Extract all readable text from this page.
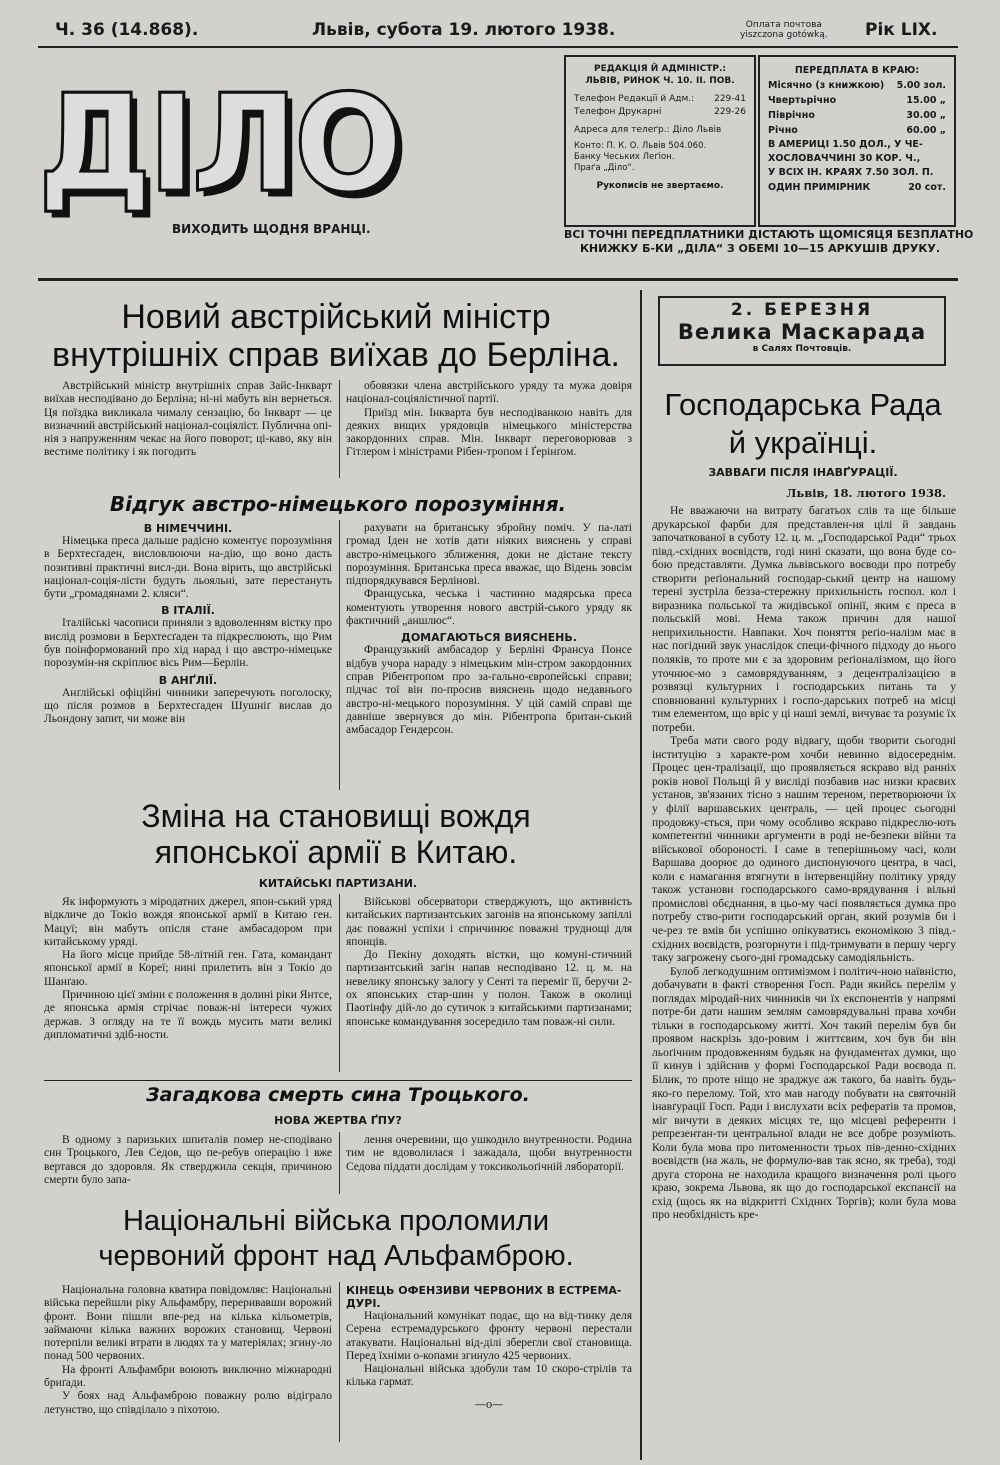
Ч. 36 (14.868).	Львів, субота 19. лютого 1938.	Оплата почтова
уiszczona gotówką. Рік LIX.
ДІЛО
ВИХОДИТЬ ЩОДНЯ ВРАНЦІ.
РЕДАКЦІЯ Й АДМІНІСТР.:
ЛЬВІВ, РИНОК Ч. 10. II. ПОВ.
Телефон Редакції й Адм.: 229-41
Телефон Друкарні	229-26
Адреса для телеґр.: Діло Львів
Конто: П. К. О. Львів 504.060.
Банку Чеських Леґіон.
Праґа „Діло“.
Рукописів не звертаємо.
ПЕРЕДПЛАТА В КРАЮ:
Місячно (з книжкою) 5.00 зол.
Чвертьрічно	15.00 „
Піврічно	30.00 „
Річно	60.00 „
В АМЕРИЦІ 1.50 ДОЛ., У ЧЕ-
ХОСЛОВАЧЧИНІ 30 КОР. Ч.,
У ВСІХ ІН. КРАЯХ 7.50 ЗОЛ. П.
ОДИН ПРИМІРНИК	20 сот.
ВСІ ТОЧНІ ПЕРЕДПЛАТНИКИ ДІСТАЮТЬ ЩОМІСЯЦЯ БЕЗПЛАТНО
КНИЖКУ Б-КИ „ДІЛА“ З ОБЕМІ 10—15 АРКУШІВ ДРУКУ.
Новий австрійський міністр
внутрішніх справ виїхав до Берліна.
Австрійський міністр внутрішніх справ Зайс-Інкварт виїхав несподівано до Берліна; ні-ні мабуть він вернеться. Ця поїздка викликала чималу сензацію, бо Інкварт — це визначний австрійський націонал-соціяліст. Публична опі-нія з напруженням чекає на його поворот; ці-каво, яку він вестиме політику і як погодить

обовязки члена австрійського уряду та мужа довіря націонал-соціялістичної партії.

Приїзд мін. Інкварта був несподіванкою навіть для деяких вищих урядовців німецького міністерства закордонних справ. Мін. Інкварт переговорював з Гітлером і міністрами Рібен-тропом і Ґерінґом.

Відгук австро-німецького порозуміння.
В НІМЕЧЧИНІ.
Німецька преса дальше радісно коментує порозуміння в Берхтесґаден, висловлюючи на-дію, що воно дасть позитивні практичні висл-ди. Вона вірить, що австрійські націонал-соція-лісти будуть льояльні, зате перестануть бути „громадянами 2. кляси“.
В ІТАЛІЇ.
Італійські часописи приняли з вдоволенням вістку про вислід розмови в Берхтесґаден та підкреслюють, що Рим був поінформований про хід нарад і що австро-німецьке порозумін-ня скріплює вісь Рим—Берлін.
В АНҐЛІЇ.
Анґлійські офіційні чинники заперечують поголоску, що після розмов в Берхтесґаден Шушніґ вислав до Льондону запит, чи може він

рахувати на британську збройну поміч. У па-латі громад Іден не хотів дати ніяких вияснень у справі австро-німецького зближення, доки не дістане тексту порозуміння. Британська преса вважає, що Відень зовсім підпорядкувався Берлінові.

Француська, чеська і частинно мадярська преса коментують утворення нового австрій-ського уряду як фактичний „аншлюс“.

ДОМАГАЮТЬСЯ ВИЯСНЕНЬ.
Французький амбасадор у Берліні Франсуа Понсе відбув учора нараду з німецьким мін-стром закордонних справ Рібентропом про за-гально-європейські справи; підчас тої він по-просив вияснень щодо недавнього австро-ні-мецького порозуміння. У цій самій справі ще давніше звернувся до мін. Рібентропа британ-ський амбасадор Гендерсон.
Зміна на становищі вождя
японської армії в Китаю.
КИТАЙСЬКІ ПАРТИЗАНИ.

Як інформують з міродатних джерел, япон-ський уряд відкличе до Токіо вождя японської армії в Китаю ген. Мацуї; він мабуть опісля стане амбасадором при китайському уряді.

На його місце прийде 58-літній ген. Гата, командант японської армії в Кореї; нині прилетить він з Токіо до Шанґаю.

Причиною цієї зміни є положення в долині ріки Янтсе, де японська армія стрічає поваж-ні інтереси чужих держав. З огляду на те її вождь мусить мати великі дипломатичні здіб-ности.

Військові обсерватори стверджують, що активність китайських партизантських загонів на японському запіллі дає поважні успіхи і спричинює поважні труднощі для японців.

До Пекіну доходять вістки, що комуні-стичний партизантський загін напав несподівано 12. ц. м. на невелику японську залогу у Сенті та переміг її, беручи 2-ох японських стар-шин у полон. Також в околиці Паотінфу дій-ло до сутичок з китайськими партизанами; японське командування зосередило там поваж-ні сили.

Загадкова смерть сина Троцького.
НОВА ЖЕРТВА ҐПУ?
В одному з паризьких шпиталів помер не-сподівано син Троцького, Лев Седов, що пе-ребув операцію і вже вертався до здоровля. Як стверджила секція, причиною смерти було запа-
лення очеревини, що ушкодило внутренности. Родина тим не вдоволилася і зажадала, щоби внутренности Седова піддати дослідам у токсикольоґічній лябораторії.
Національні війська проломили
червоний фронт над Альфамброю.

Національна головна кватира повідомляє: Національні війська перейшли ріку Альфамбру, переривавши ворожий фронт. Вони пішли впе-ред на кілька кільометрів, займаючи кілька важних ворожих становищ. Червоні потерпіли великі втрати в людях та у матеріялах; згину-ло понад 500 червоних.

На фронті Альфамбри воюють виключно міжнародні бриґади.

У боях над Альфамброю поважну ролю відіграло летунство, що співділало з піхотою.

КІНЕЦЬ ОФЕНЗИВИ ЧЕРВОНИХ В ЕСТРЕМА-ДУРІ.

Національний комунікат подає, що на від-тинку деля Серена естремадурського фронту червоні перестали атакувати. Національні від-ділі зберегли свої становища. Перед їхніми о-копами згинуло 425 червоних.

Національні війська здобули там 10 скоро-стрілів та кілька гармат.

—о—
2. БЕРЕЗНЯ
Велика Маскарада
в Салях Почтовців.
Господарська Рада
й українці.
ЗАВВАГИ ПІСЛЯ ІНАВҐУРАЦІЇ.
Львів, 18. лютого 1938.

Не вважаючи на витрату багатьох слів та ще більше друкарської фарби для представлен-ня цілі й завдань започаткованої в суботу 12. ц. м. „Господарської Ради“ трьох півд.-східних воєвідств, годі нині сказати, що вона буде со-бою представляти. Думка львівського воєводи про потребу створити реґіональний господар-ський центр на нашому терені зустріла безза-стережну прихильність госпол. кол і виразника польської та жидівської опінії, яким є преса в польській мові. Нема також причин для нашої неприхильности. Навпаки. Хоч поняття реґіо-налізм має в нас погідний звук унаслідок специ-фічного підходу до нього поляків, то проте ми є за здоровим реґіоналізмом, що його уточнює-мо з самоврядуванням, з децентралізацією в розвязці культурних і господарських питань та у сповнюванні культурних і госпо-дарських потреб на місці тим елементом, що вріс у ці наші землі, вичуває та розуміє їх потреби.

Треба мати свого роду відвагу, щоби творити сьогодні інституцію з характе-ром хочби невинно відосереднім. Процес цен-тралізації, що проявляється яскраво від ранніх років нової Польщі й у висліді позбавив нас низки краєвих установ, зв'язаних тісно з нашим тереном, перетворюючи їх у філії варшавських централь, — цей процес сьогодні продовжу-ється, при чому особливо яскраво підкреслю-ють компетентні чинники аргументи в роді не-безпеки війни та військової обороності. І саме в теперішньому часі, коли Варшава доорює до одиного диспонуючого центра, в часі, коли є намагання втягнути в інтервенційну політику уряду також установи господарського само-врядування і вільні промислові обєднання, в цьо-му часі появляється думка про потребу ство-рити господарський орган, який розумів би і че-рез те вмів би успішно опікуватись економікою 3 півд.-східних воєвідств, розгорнути і під-тримувати в першу чергу таку загрожену сього-дні громадську самодіяльність.

Булоб легкодушним оптимізмом і політич-ною наївністю, добачувати в факті створення Госп. Ради якийсь перелім у поглядах міродай-них чинників чи їх експонентів у напрямі потре-би дати нашим землям самоврядувальні права хочби тільки в господарському житті. Хоч такий перелім був би проявом наскрізь здо-ровим і життєвим, хоч був би він льоґічним продовженням будьяк на фундаментах думки, що її кинув і здійснив у формі Господарської Ради воєвода п. Білик, то проте ніщо не зраджує аж такого, ба навіть будь-яко-го перелому. Той, хто мав нагоду побувати на святочній інавґурації Госп. Ради і вислухати всіх рефератів та промов, міг вичути в деяких місцях те, що місцеві референти і репрезентан-ти центральної влади не все добре розуміють. Коли була мова про питоменности трьох пів-денно-східних воєвідств (на жаль, не формулю-вав так ясно, як треба), тоді друга сторона не находила кращого визначення ролі цього краю, зокрема Львова, як що до господарської експансії на схід (щось як на відкритті Східних Торгів); коли була мова про необхідність кре-
